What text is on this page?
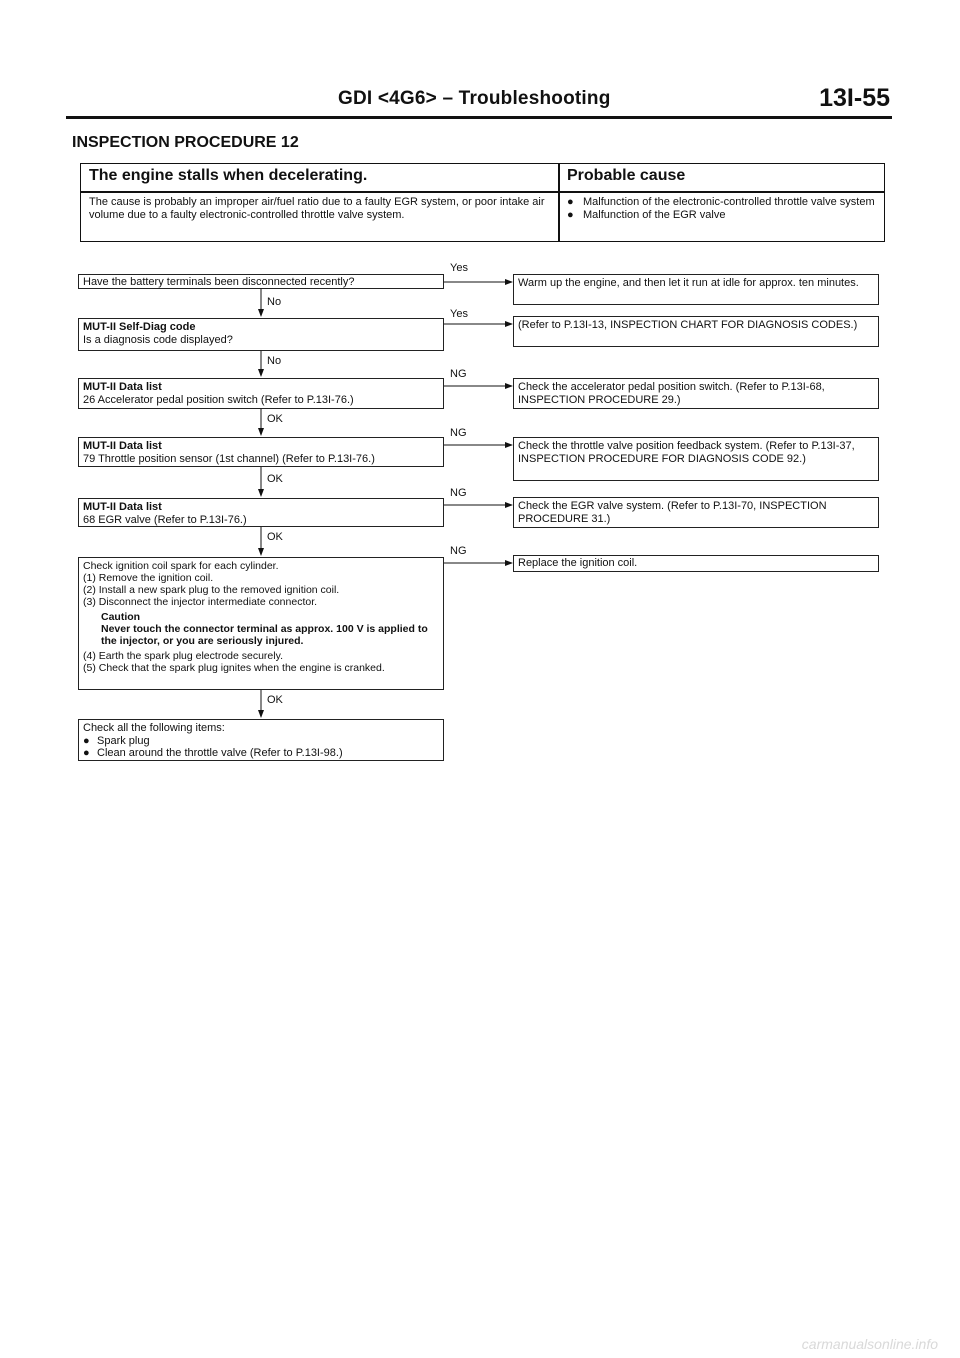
GDI <4G6> – Troubleshooting	13I-55
INSPECTION PROCEDURE 12
The engine stalls when decelerating.	Probable cause
The cause is probably an improper air/fuel ratio due to a faulty EGR system, or poor intake air volume due to a faulty electronic-controlled throttle valve system.
● Malfunction of the electronic-controlled throttle valve system
● Malfunction of the EGR valve
Yes
No
Yes
No
NG
OK
NG
OK
NG
OK
NG
OK
Have the battery terminals been disconnected recently?
MUT-II Self-Diag code
Is a diagnosis code displayed?
MUT-II Data list
26 Accelerator pedal position switch (Refer to P.13I-76.)
MUT-II Data list
79 Throttle position sensor (1st channel) (Refer to P.13I-76.)
MUT-II Data list
68 EGR valve (Refer to P.13I-76.)
Check ignition coil spark for each cylinder.
(1) Remove the ignition coil.
(2) Install a new spark plug to the removed ignition coil.
(3) Disconnect the injector intermediate connector.
Caution
Never touch the connector terminal as approx. 100 V is applied to the injector, or you are seriously injured.
(4) Earth the spark plug electrode securely.
(5) Check that the spark plug ignites when the engine is cranked.
Check all the following items:
● Spark plug
● Clean around the throttle valve (Refer to P.13I-98.)
Warm up the engine, and then let it run at idle for approx. ten minutes.
(Refer to P.13I-13, INSPECTION CHART FOR DIAGNOSIS CODES.)
Check the accelerator pedal position switch. (Refer to P.13I-68, INSPECTION PROCEDURE 29.)
Check the throttle valve position feedback system. (Refer to P.13I-37, INSPECTION PROCEDURE FOR DIAGNOSIS CODE 92.)
Check the EGR valve system. (Refer to P.13I-70, INSPECTION PROCEDURE 31.)
Replace the ignition coil.
carmanualsonline.info
